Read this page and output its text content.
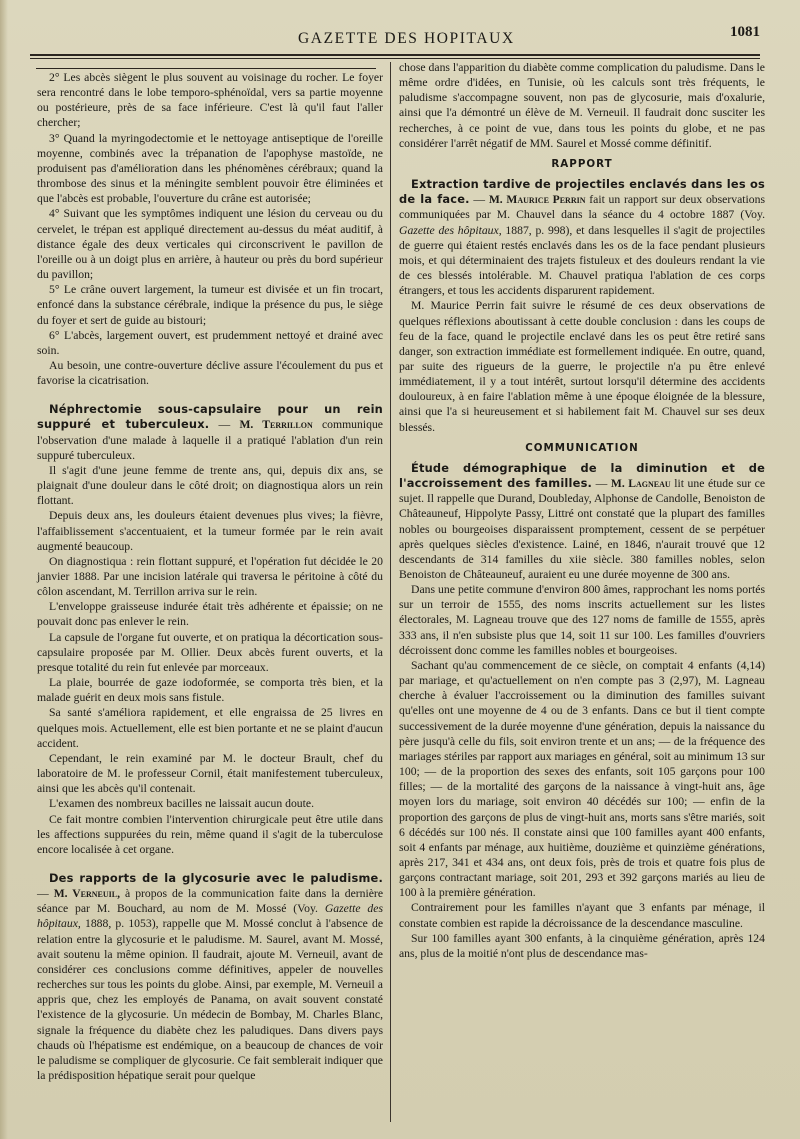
GAZETTE DES HOPITAUX	1081

2° Les abcès siègent le plus souvent au voisinage du rocher. Le foyer sera rencontré dans le lobe temporo-sphénoïdal, vers sa partie moyenne ou postérieure, près de sa face inférieure. C'est là qu'il faut l'aller chercher;

3° Quand la myringodectomie et le nettoyage antiseptique de l'oreille moyenne, combinés avec la trépanation de l'apophyse mastoïde, ne produisent pas d'amélioration dans les phénomènes cérébraux; quand la thrombose des sinus et la méningite semblent pouvoir être éliminées et que l'abcès est probable, l'ouverture du crâne est autorisée;

4° Suivant que les symptômes indiquent une lésion du cerveau ou du cervelet, le trépan est appliqué directement au-dessus du méat auditif, à distance égale des deux verticales qui circonscrivent le pavillon de l'oreille ou à un doigt plus en arrière, à hauteur ou près du bord supérieur du pavillon;

5° Le crâne ouvert largement, la tumeur est divisée et un fin trocart, enfoncé dans la substance cérébrale, indique la présence du pus, le siège du foyer et sert de guide au bistouri;

6° L'abcès, largement ouvert, est prudemment nettoyé et drainé avec soin.

Au besoin, une contre-ouverture déclive assure l'écoulement du pus et favorise la cicatrisation.

Néphrectomie sous-capsulaire pour un rein suppuré et tuberculeux. — M. Terrillon communique l'observation d'une malade à laquelle il a pratiqué l'ablation d'un rein suppuré tuberculeux.

Il s'agit d'une jeune femme de trente ans, qui, depuis dix ans, se plaignait d'une douleur dans le côté droit; on diagnostiqua alors un rein flottant.

Depuis deux ans, les douleurs étaient devenues plus vives; la fièvre, l'affaiblissement s'accentuaient, et la tumeur formée par le rein avait augmenté beaucoup.

On diagnostiqua : rein flottant suppuré, et l'opération fut décidée le 20 janvier 1888. Par une incision latérale qui traversa le péritoine à côté du côlon ascendant, M. Terrillon arriva sur le rein.

L'enveloppe graisseuse indurée était très adhérente et épaissie; on ne pouvait donc pas enlever le rein.

La capsule de l'organe fut ouverte, et on pratiqua la décortication sous-capsulaire proposée par M. Ollier. Deux abcès furent ouverts, et la presque totalité du rein fut enlevée par morceaux.

La plaie, bourrée de gaze iodoformée, se comporta très bien, et la malade guérit en deux mois sans fistule.

Sa santé s'améliora rapidement, et elle engraissa de 25 livres en quelques mois. Actuellement, elle est bien portante et ne se plaint d'aucun accident.

Cependant, le rein examiné par M. le docteur Brault, chef du laboratoire de M. le professeur Cornil, était manifestement tuberculeux, ainsi que les abcès qu'il contenait.

L'examen des nombreux bacilles ne laissait aucun doute.

Ce fait montre combien l'intervention chirurgicale peut être utile dans les affections suppurées du rein, même quand il s'agit de la tuberculose encore localisée à cet organe.

Des rapports de la glycosurie avec le paludisme. — M. Verneuil, à propos de la communication faite dans la dernière séance par M. Bouchard, au nom de M. Mossé (Voy. Gazette des hôpitaux, 1888, p. 1053), rappelle que M. Mossé conclut à l'absence de relation entre la glycosurie et le paludisme. M. Saurel, avant M. Mossé, avait soutenu la même opinion. Il faudrait, ajoute M. Verneuil, avant de considérer ces conclusions comme définitives, appeler de nouvelles recherches sur tous les points du globe. Ainsi, par exemple, M. Verneuil a appris que, chez les employés de Panama, on avait souvent constaté l'existence de la glycosurie. Un médecin de Bombay, M. Charles Blanc, signale la fréquence du diabète chez les paludiques. Dans divers pays chauds où l'hépatisme est endémique, on a beaucoup de chances de voir le paludisme se compliquer de glycosurie. Ce fait semblerait indiquer que la prédisposition hépatique serait pour quelque

chose dans l'apparition du diabète comme complication du paludisme. Dans le même ordre d'idées, en Tunisie, où les calculs sont très fréquents, le paludisme s'accompagne souvent, non pas de glycosurie, mais d'oxalurie, ainsi que l'a démontré un élève de M. Verneuil. Il faudrait donc susciter les recherches, à ce point de vue, dans tous les points du globe, et ne pas considérer l'arrêt négatif de MM. Saurel et Mossé comme définitif.

RAPPORT

Extraction tardive de projectiles enclavés dans les os de la face. — M. Maurice Perrin fait un rapport sur deux observations communiquées par M. Chauvel dans la séance du 4 octobre 1887 (Voy. Gazette des hôpitaux, 1887, p. 998), et dans lesquelles il s'agit de projectiles de guerre qui étaient restés enclavés dans les os de la face pendant plusieurs mois, et qui déterminaient des trajets fistuleux et des douleurs rendant la vie de ces blessés intolérable. M. Chauvel pratiqua l'ablation de ces corps étrangers, et tous les accidents disparurent rapidement.

M. Maurice Perrin fait suivre le résumé de ces deux observations de quelques réflexions aboutissant à cette double conclusion : dans les coups de feu de la face, quand le projectile enclavé dans les os peut être retiré sans danger, son extraction immédiate est formellement indiquée. En outre, quand, par suite des rigueurs de la guerre, le projectile n'a pu être enlevé immédiatement, il y a tout intérêt, surtout lorsqu'il détermine des accidents douloureux, à en faire l'ablation même à une époque éloignée de la blessure, ainsi que l'a si heureusement et si habilement fait M. Chauvel sur ses deux blessés.

COMMUNICATION

Étude démographique de la diminution et de l'accroissement des familles. — M. Lagneau lit une étude sur ce sujet. Il rappelle que Durand, Doubleday, Alphonse de Candolle, Benoiston de Châteauneuf, Hippolyte Passy, Littré ont constaté que la plupart des familles nobles ou bourgeoises disparaissent promptement, cessent de se perpétuer après quelques siècles d'existence. Lainé, en 1846, n'aurait trouvé que 12 descendants de 314 familles du xiie siècle. 380 familles nobles, selon Benoiston de Châteauneuf, auraient eu une durée moyenne de 300 ans.

Dans une petite commune d'environ 800 âmes, rapprochant les noms portés sur un terroir de 1555, des noms inscrits actuellement sur les listes électorales, M. Lagneau trouve que des 127 noms de famille de 1555, après 333 ans, il n'en subsiste plus que 14, soit 11 sur 100. Les familles d'ouvriers décroissent donc comme les familles nobles et bourgeoises.

Sachant qu'au commencement de ce siècle, on comptait 4 enfants (4,14) par mariage, et qu'actuellement on n'en compte pas 3 (2,97), M. Lagneau cherche à évaluer l'accroissement ou la diminution des familles suivant qu'elles ont une moyenne de 4 ou de 3 enfants. Dans ce but il tient compte successivement de la durée moyenne d'une génération, depuis la naissance du père jusqu'à celle du fils, soit environ trente et un ans; — de la fréquence des mariages stériles par rapport aux mariages en général, soit au minimum 13 sur 100; — de la proportion des sexes des enfants, soit 105 garçons pour 100 filles; — de la mortalité des garçons de la naissance à vingt-huit ans, âge moyen lors du mariage, soit environ 40 décédés sur 100; — enfin de la proportion des garçons de plus de vingt-huit ans, morts sans s'être mariés, soit 6 décédés sur 100 nés. Il constate ainsi que 100 familles ayant 400 enfants, soit 4 enfants par ménage, aux huitième, douzième et quinzième générations, après 217, 341 et 434 ans, ont deux fois, près de trois et quatre fois plus de garçons contractant mariage, soit 201, 293 et 392 garçons mariés au lieu de 100 à la première génération.

Contrairement pour les familles n'ayant que 3 enfants par ménage, il constate combien est rapide la décroissance de la descendance masculine.

Sur 100 familles ayant 300 enfants, à la cinquième génération, après 124 ans, plus de la moitié n'ont plus de descendance mas-
